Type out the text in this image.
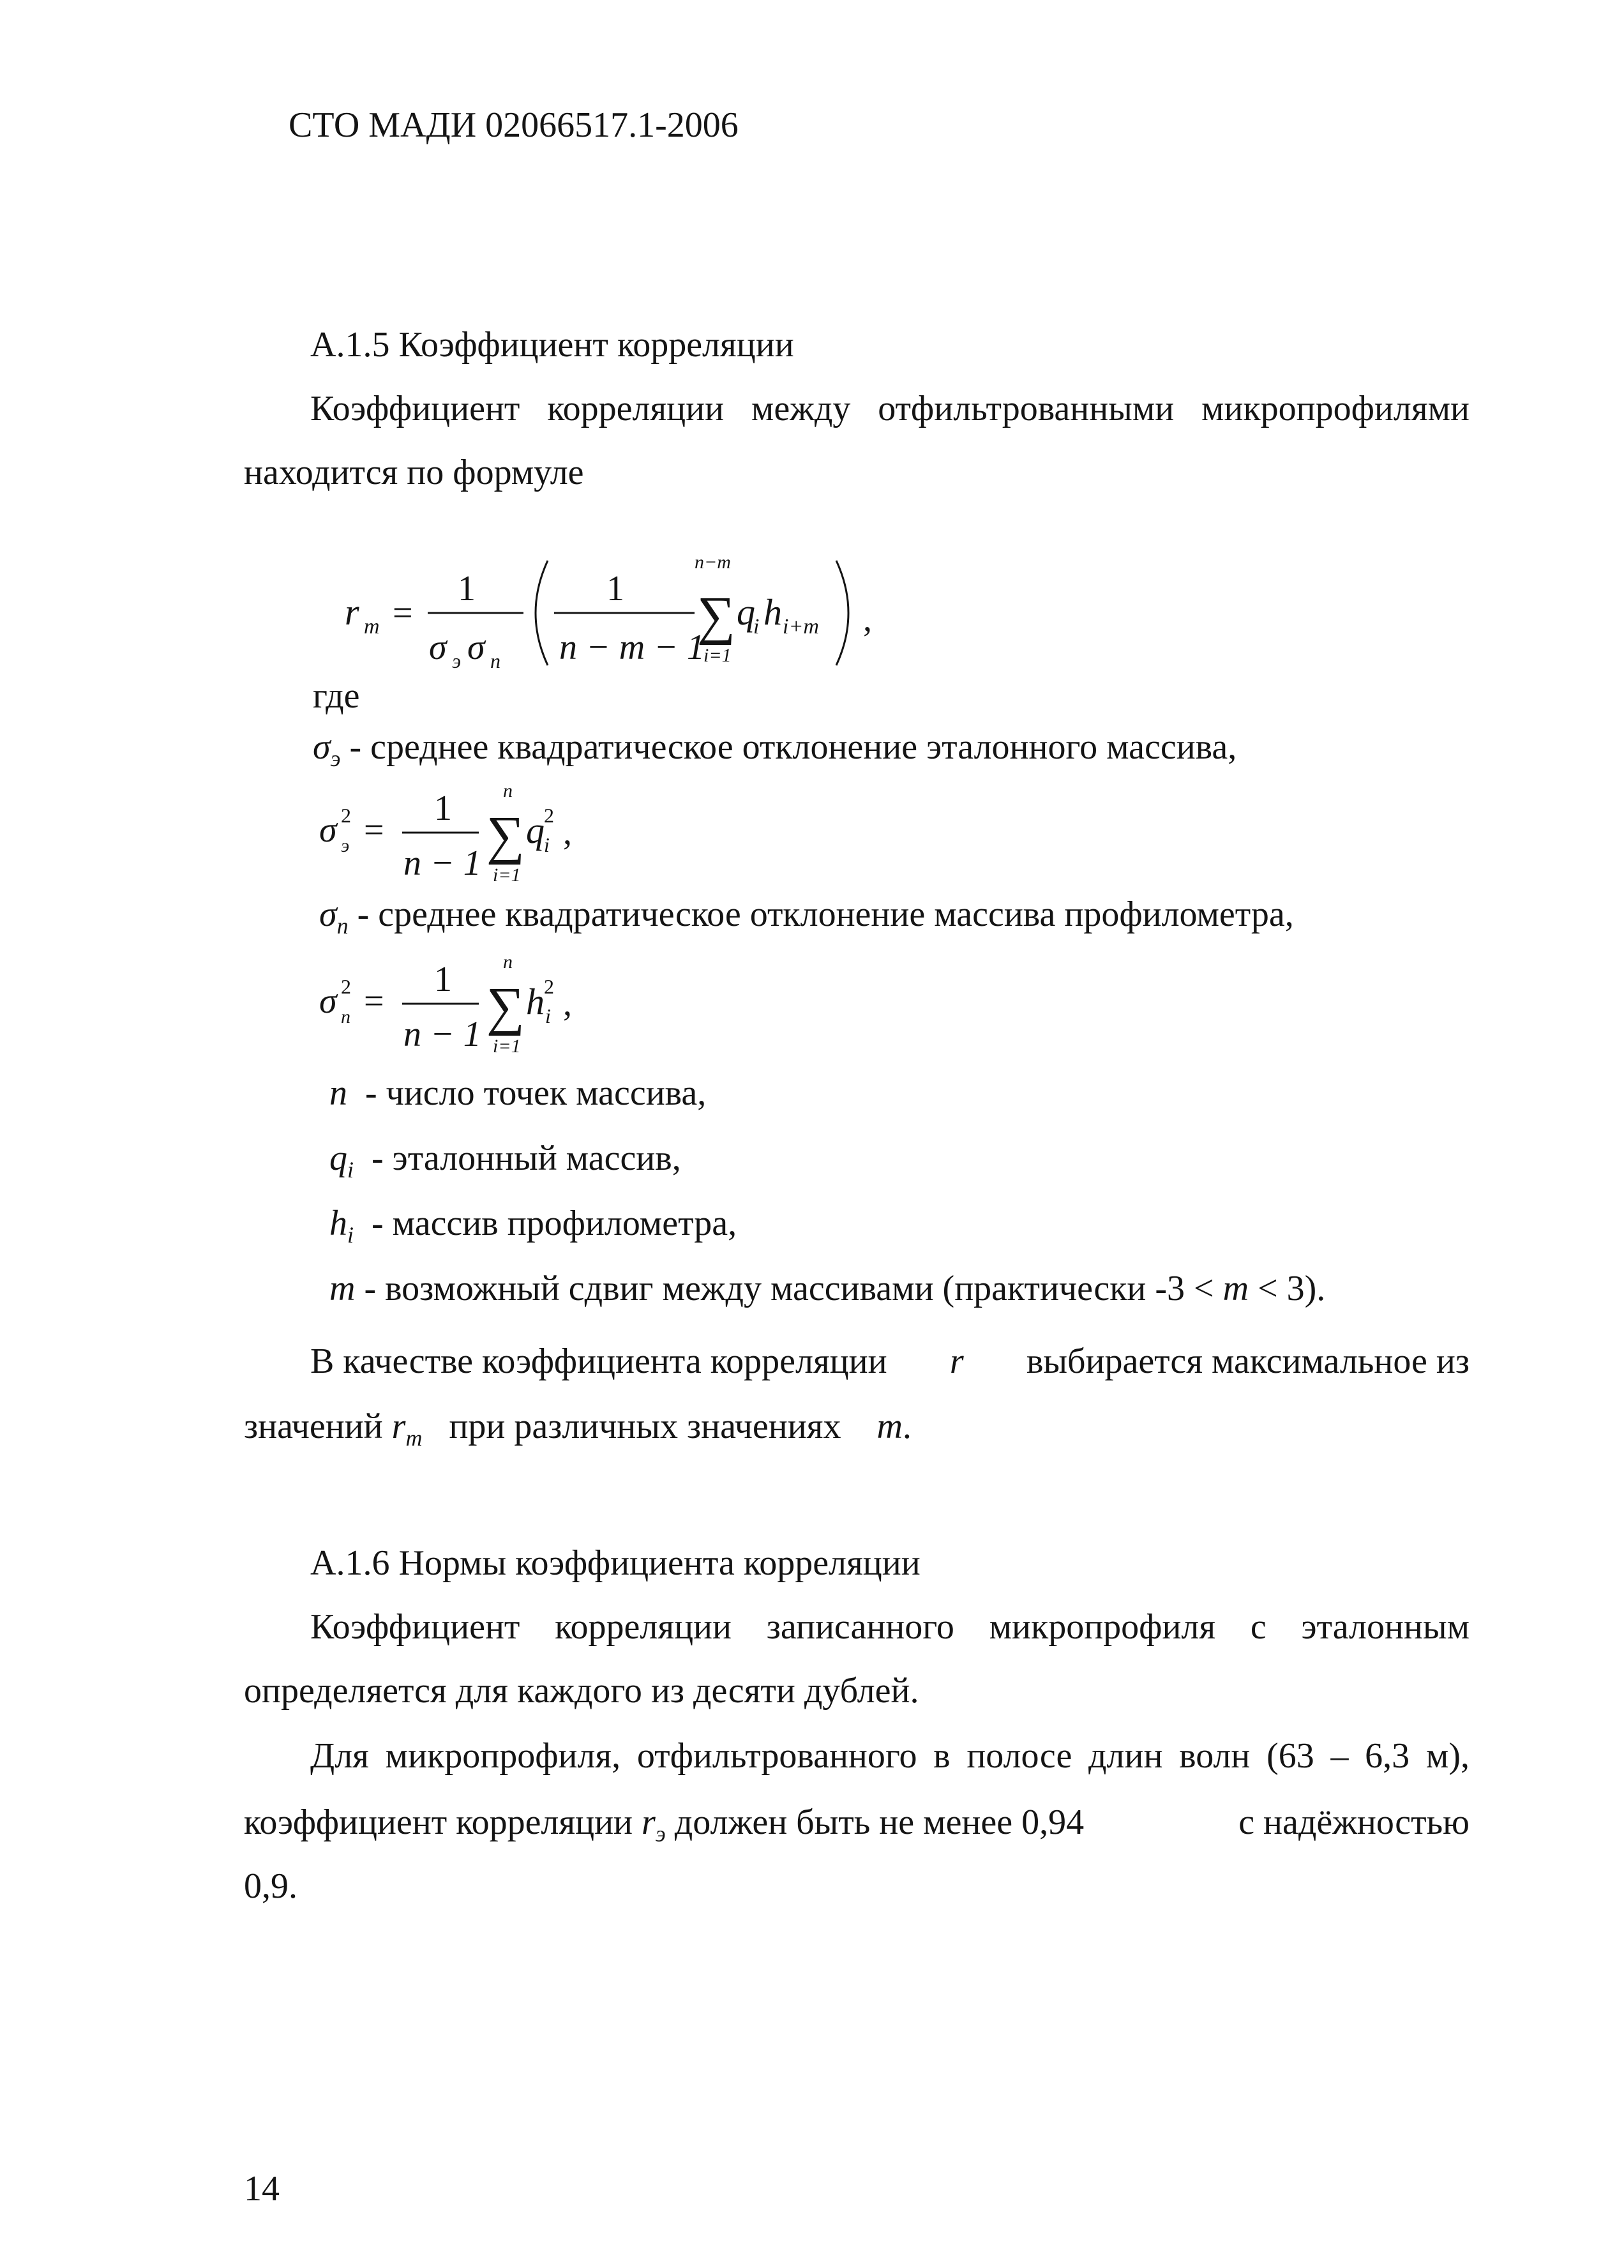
СТО МАДИ 02066517.1-2006
А.1.5 Коэффициент корреляции
Коэффициент корреляции между отфильтрованными микропрофилями
находится по формуле
r m =
1
σ э σ n
1
n − m − 1
n−m
∑
i=1
q
i h i+m ,
где
$\sigma_э$ - среднее квадратическое отклонение эталонного массива,
σ 2
э =
1
n − 1
n
∑
i=1
q 2
i ,
$\sigma_n$ - среднее квадратическое отклонение массива профилометра,
σ 2
n =
1
n − 1
n
∑
i=1
h 2
i ,
n - число точек массива,
$q_i$ - эталонный массив,
$h_i$ - массив профилометра,
m - возможный сдвиг между массивами (практически -3 < m < 3).
В качестве коэффициента корреляции r выбирается максимальное из
значений $r_m$ при различных значениях m.
А.1.6 Нормы коэффициента корреляции
Коэффициент корреляции записанного микропрофиля с эталонным
определяется для каждого из десяти дублей.
Для микропрофиля, отфильтрованного в полосе длин волн (63 – 6,3 м),
коэффициент корреляции $r_э$ должен быть не менее 0,94	с надёжностью
0,9.
14
